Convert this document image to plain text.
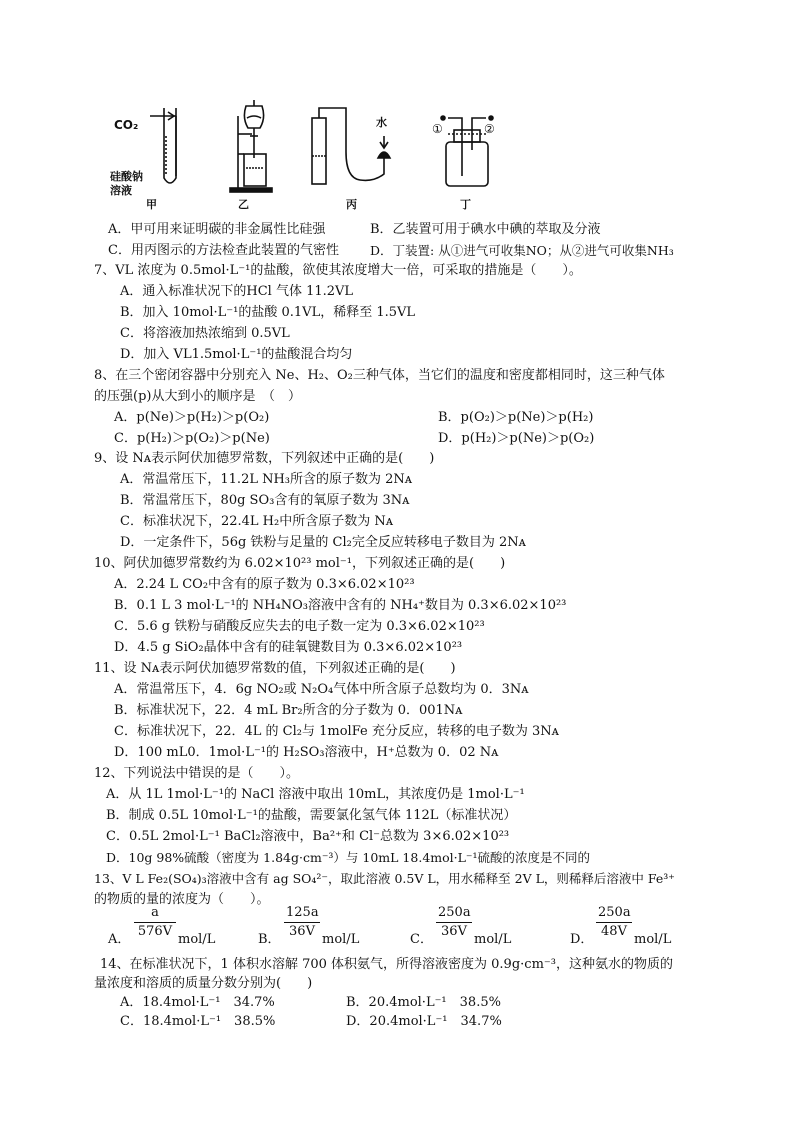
CO₂
硅酸钠
溶液
水	①	②
甲	乙	丙	丁
A．甲可用来证明碳的非金属性比硅强	B．乙装置可用于碘水中碘的萃取及分液
C．用丙图示的方法检查此装置的气密性 D．丁装置: 从①进气可收集NO；从②进气可收集NH₃
7、VL 浓度为 0.5mol·L⁻¹的盐酸，欲使其浓度增大一倍，可采取的措施是（　　）。
A．通入标准状况下的HCl 气体 11.2VL
B．加入 10mol·L⁻¹的盐酸 0.1VL，稀释至 1.5VL
C．将溶液加热浓缩到 0.5VL
D．加入 VL1.5mol·L⁻¹的盐酸混合均匀
8、在三个密闭容器中分别充入 Ne、H₂、O₂三种气体，当它们的温度和密度都相同时，这三种气体
的压强(p)从大到小的顺序是　（　）
A．p(Ne)＞p(H₂)＞p(O₂)	B．p(O₂)＞p(Ne)＞p(H₂)
C．p(H₂)＞p(O₂)＞p(Ne)	D．p(H₂)＞p(Ne)＞p(O₂)
9、设 Nᴀ表示阿伏加德罗常数，下列叙述中正确的是(　　)
A．常温常压下，11.2L NH₃所含的原子数为 2Nᴀ
B．常温常压下，80g SO₃含有的氧原子数为 3Nᴀ
C．标准状况下，22.4L H₂中所含原子数为 Nᴀ
D．一定条件下，56g 铁粉与足量的 Cl₂完全反应转移电子数目为 2Nᴀ
10、阿伏加德罗常数约为 6.02×10²³ mol⁻¹，下列叙述正确的是(　　)
A．2.24 L CO₂中含有的原子数为 0.3×6.02×10²³
B．0.1 L 3 mol·L⁻¹的 NH₄NO₃溶液中含有的 NH₄⁺数目为 0.3×6.02×10²³
C．5.6 g 铁粉与硝酸反应失去的电子数一定为 0.3×6.02×10²³
D．4.5 g SiO₂晶体中含有的硅氧键数目为 0.3×6.02×10²³
11、设 Nᴀ表示阿伏加德罗常数的值，下列叙述正确的是(　　)
A．常温常压下，4．6g NO₂或 N₂O₄气体中所含原子总数均为 0．3Nᴀ
B．标准状况下，22．4 mL Br₂所含的分子数为 0．001Nᴀ
C．标准状况下，22．4L 的 Cl₂与 1molFe 充分反应，转移的电子数为 3Nᴀ
D．100 mL0．1mol·L⁻¹的 H₂SO₃溶液中，H⁺总数为 0．02 Nᴀ
12、下列说法中错误的是（　　）。
A．从 1L 1mol·L⁻¹的 NaCl 溶液中取出 10mL，其浓度仍是 1mol·L⁻¹
B．制成 0.5L 10mol·L⁻¹的盐酸，需要氯化氢气体 112L（标准状况）
C．0.5L 2mol·L⁻¹ BaCl₂溶液中，Ba²⁺和 Cl⁻总数为 3×6.02×10²³
D．10g 98%硫酸（密度为 1.84g·cm⁻³）与 10mL 18.4mol·L⁻¹硫酸的浓度是不同的
13、V L Fe₂(SO₄)₃溶液中含有 ag SO₄²⁻，取此溶液 0.5V L，用水稀释至 2V L，则稀释后溶液中 Fe³⁺
的物质的量的浓度为（　　）。
A． $\frac{a}{576V} mol/L$	B． $\frac{125a}{36V} mol/L$	C． $\frac{250a}{36V} mol/L$	D． $\frac{250a}{48V} mol/L$
14、在标准状况下，1 体积水溶解 700 体积氨气，所得溶液密度为 0.9g·cm⁻³，这种氨水的物质的
量浓度和溶质的质量分数分别为(　　)
A．18.4mol·L⁻¹　34.7%	B．20.4mol·L⁻¹　38.5%
C．18.4mol·L⁻¹　38.5%	D．20.4mol·L⁻¹　34.7%
